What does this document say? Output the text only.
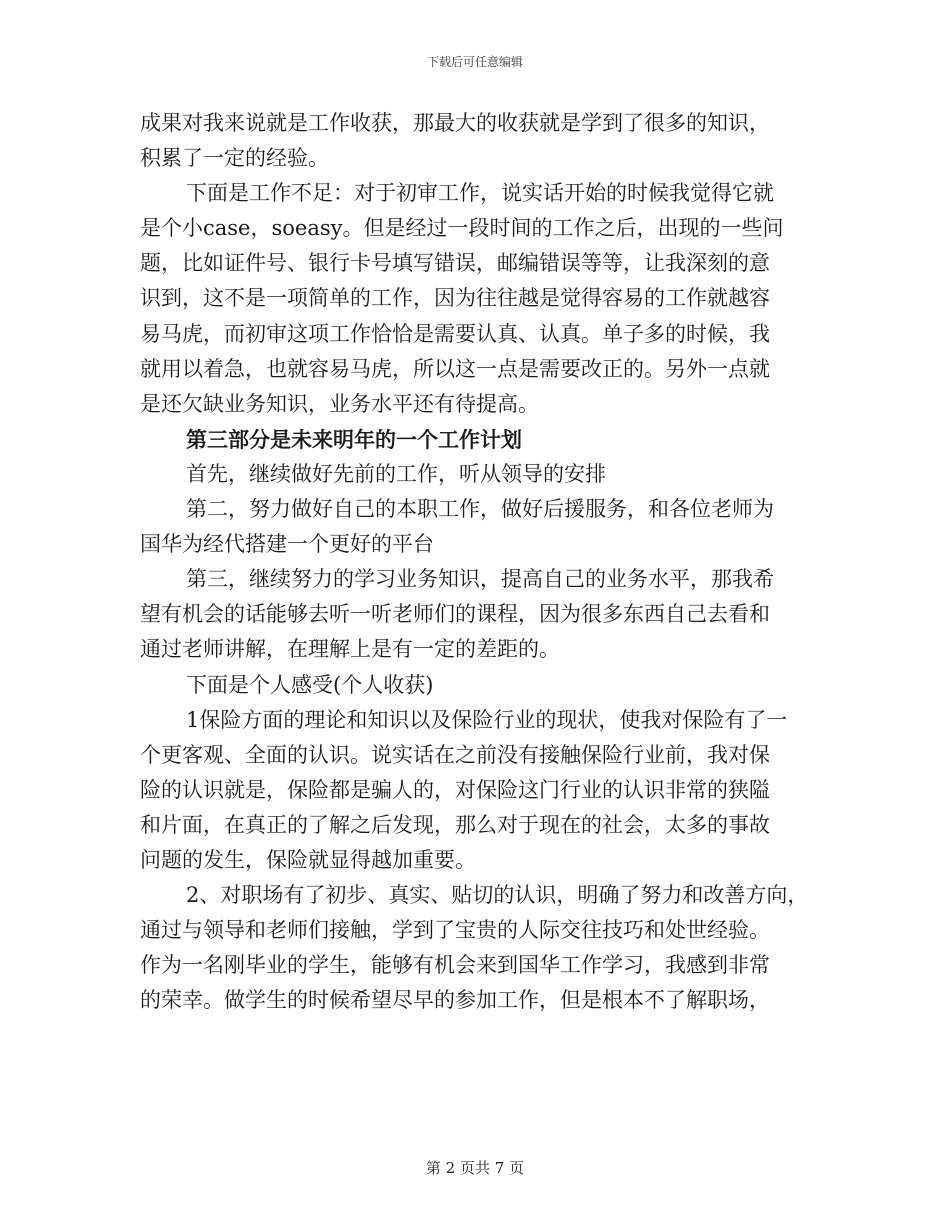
下载后可任意编辑
成果对我来说就是工作收获，那最大的收获就是学到了很多的知识，
积累了一定的经验。
下面是工作不足：对于初审工作，说实话开始的时候我觉得它就
是个小case，soeasy。但是经过一段时间的工作之后，出现的一些问
题，比如证件号、银行卡号填写错误，邮编错误等等，让我深刻的意
识到，这不是一项简单的工作，因为往往越是觉得容易的工作就越容
易马虎，而初审这项工作恰恰是需要认真、认真。单子多的时候，我
就用以着急，也就容易马虎，所以这一点是需要改正的。另外一点就
是还欠缺业务知识，业务水平还有待提高。
第三部分是未来明年的一个工作计划
首先，继续做好先前的工作，听从领导的安排
第二，努力做好自己的本职工作，做好后援服务，和各位老师为
国华为经代搭建一个更好的平台
第三，继续努力的学习业务知识，提高自己的业务水平，那我希
望有机会的话能够去听一听老师们的课程，因为很多东西自己去看和
通过老师讲解，在理解上是有一定的差距的。
下面是个人感受(个人收获)
1保险方面的理论和知识以及保险行业的现状，使我对保险有了一
个更客观、全面的认识。说实话在之前没有接触保险行业前，我对保
险的认识就是，保险都是骗人的，对保险这门行业的认识非常的狭隘
和片面，在真正的了解之后发现，那么对于现在的社会，太多的事故
问题的发生，保险就显得越加重要。
2、对职场有了初步、真实、贴切的认识，明确了努力和改善方向，
通过与领导和老师们接触，学到了宝贵的人际交往技巧和处世经验。
作为一名刚毕业的学生，能够有机会来到国华工作学习，我感到非常
的荣幸。做学生的时候希望尽早的参加工作，但是根本不了解职场，
第 2 页共 7 页
